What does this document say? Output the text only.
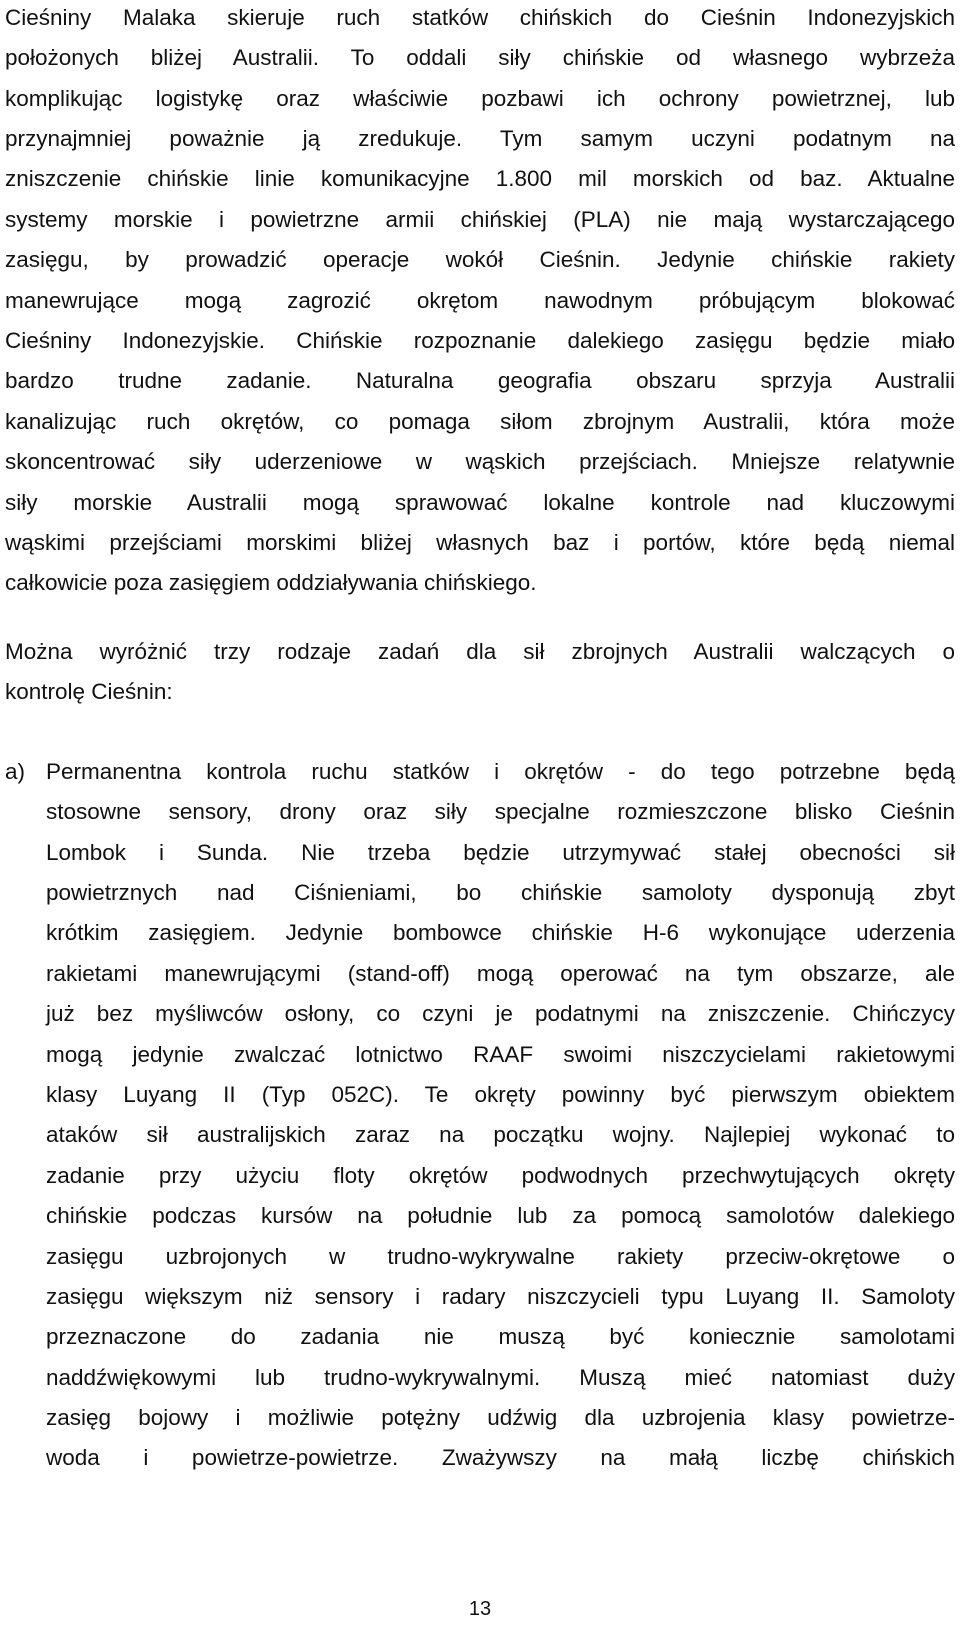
Cieśniny Malaka skieruje ruch statków chińskich do Cieśnin Indonezyjskich
położonych bliżej Australii. To oddali siły chińskie od własnego wybrzeża
komplikując logistykę oraz właściwie pozbawi ich ochrony powietrznej, lub
przynajmniej poważnie ją zredukuje. Tym samym uczyni podatnym na
zniszczenie chińskie linie komunikacyjne 1.800 mil morskich od baz. Aktualne
systemy morskie i powietrzne armii chińskiej (PLA) nie mają wystarczającego
zasięgu, by prowadzić operacje wokół Cieśnin. Jedynie chińskie rakiety
manewrujące mogą zagrozić okrętom nawodnym próbującym blokować
Cieśniny Indonezyjskie. Chińskie rozpoznanie dalekiego zasięgu będzie miało
bardzo trudne zadanie. Naturalna geografia obszaru sprzyja Australii
kanalizując ruch okrętów, co pomaga siłom zbrojnym Australii, która może
skoncentrować siły uderzeniowe w wąskich przejściach. Mniejsze relatywnie
siły morskie Australii mogą sprawować lokalne kontrole nad kluczowymi
wąskimi przejściami morskimi bliżej własnych baz i portów, które będą niemal
całkowicie poza zasięgiem oddziaływania chińskiego.
Można wyróżnić trzy rodzaje zadań dla sił zbrojnych Australii walczących o
kontrolę Cieśnin:
a) Permanentna kontrola ruchu statków i okrętów - do tego potrzebne będą
stosowne sensory, drony oraz siły specjalne rozmieszczone blisko Cieśnin
Lombok i Sunda. Nie trzeba będzie utrzymywać stałej obecności sił
powietrznych nad Ciśnieniami, bo chińskie samoloty dysponują zbyt
krótkim zasięgiem. Jedynie bombowce chińskie H-6 wykonujące uderzenia
rakietami manewrującymi (stand-off) mogą operować na tym obszarze, ale
już bez myśliwców osłony, co czyni je podatnymi na zniszczenie. Chińczycy
mogą jedynie zwalczać lotnictwo RAAF swoimi niszczycielami rakietowymi
klasy Luyang II (Typ 052C). Te okręty powinny być pierwszym obiektem
ataków sił australijskich zaraz na początku wojny. Najlepiej wykonać to
zadanie przy użyciu floty okrętów podwodnych przechwytujących okręty
chińskie podczas kursów na południe lub za pomocą samolotów dalekiego
zasięgu uzbrojonych w trudno-wykrywalne rakiety przeciw-okrętowe o
zasięgu większym niż sensory i radary niszczycieli typu Luyang II. Samoloty
przeznaczone do zadania nie muszą być koniecznie samolotami
naddźwiękowymi lub trudno-wykrywalnymi. Muszą mieć natomiast duży
zasięg bojowy i możliwie potężny udźwig dla uzbrojenia klasy powietrze-
woda i powietrze-powietrze. Zważywszy na małą liczbę chińskich
13
